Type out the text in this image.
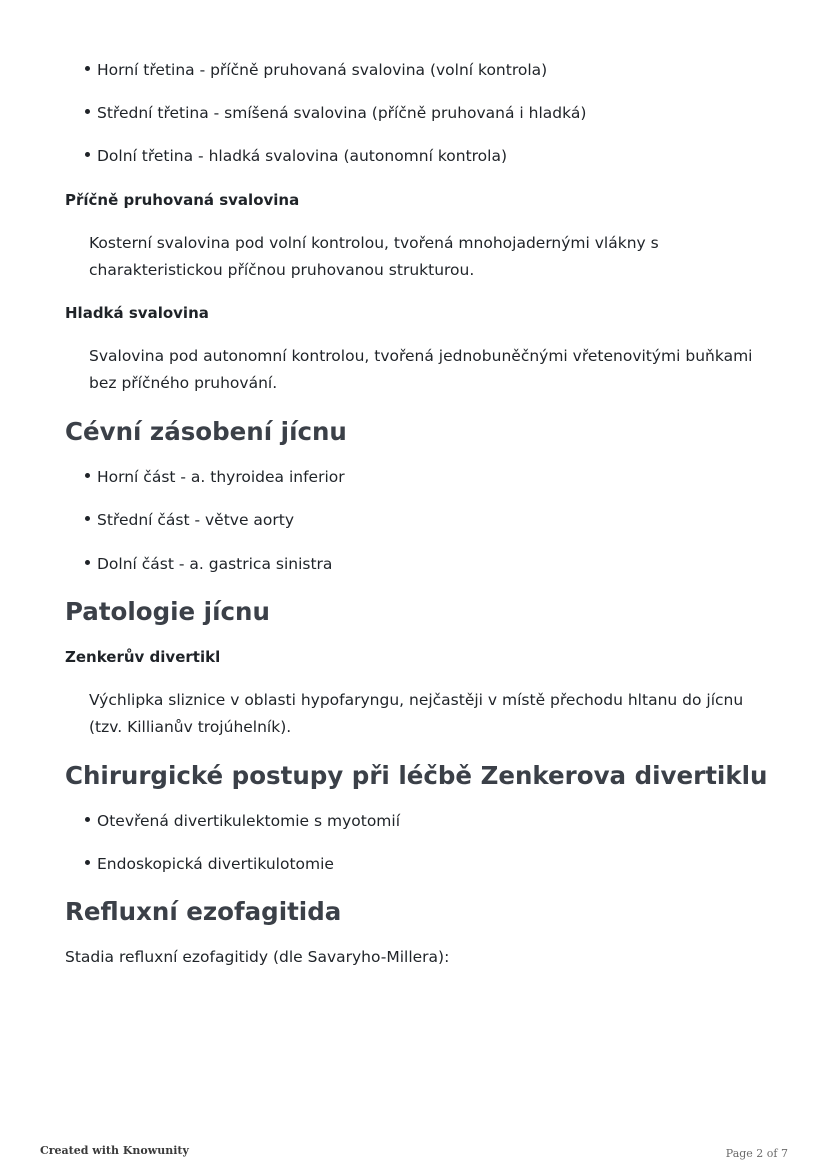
Horní třetina - příčně pruhovaná svalovina (volní kontrola)
Střední třetina - smíšená svalovina (příčně pruhovaná i hladká)
Dolní třetina - hladká svalovina (autonomní kontrola)
Příčně pruhovaná svalovina
Kosterní svalovina pod volní kontrolou, tvořená mnohojadernými vlákny s charakteristickou příčnou pruhovanou strukturou.
Hladká svalovina
Svalovina pod autonomní kontrolou, tvořená jednobuněčnými vřetenovitými buňkami bez příčného pruhování.
Cévní zásobení jícnu
Horní část - a. thyroidea inferior
Střední část - větve aorty
Dolní část - a. gastrica sinistra
Patologie jícnu
Zenkerův divertikl
Výchlipka sliznice v oblasti hypofaryngu, nejčastěji v místě přechodu hltanu do jícnu (tzv. Killianův trojúhelník).
Chirurgické postupy při léčbě Zenkerova divertiklu
Otevřená divertikulektomie s myotomií
Endoskopická divertikulotomie
Refluxní ezofagitida
Stadia refluxní ezofagitidy (dle Savaryho-Millera):
Created with Knowunity	Page 2 of 7
